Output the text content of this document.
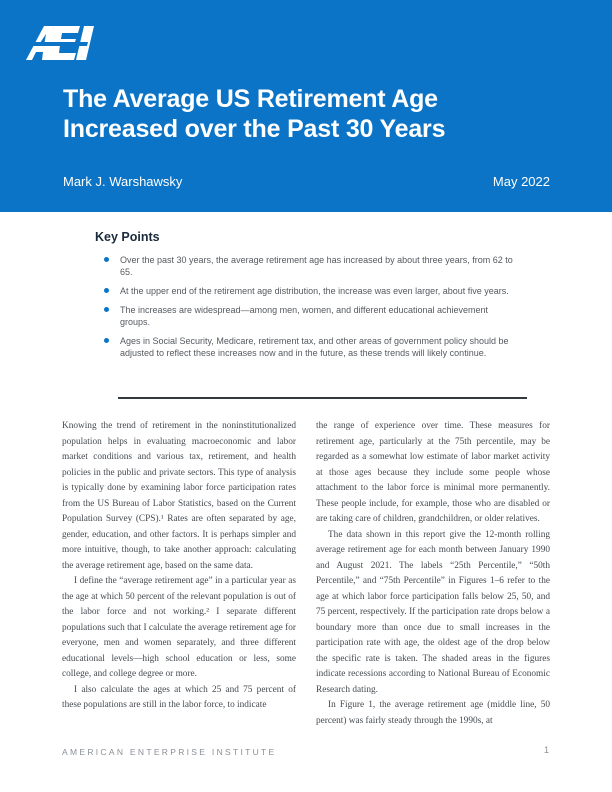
The Average US Retirement Age
Increased over the Past 30 Years
Mark J. Warshawsky	May 2022
Key Points
Over the past 30 years, the average retirement age has increased by about three years, from 62 to 65.
At the upper end of the retirement age distribution, the increase was even larger, about five years.
The increases are widespread—among men, women, and different educational achievement groups.
Ages in Social Security, Medicare, retirement tax, and other areas of government policy should be adjusted to reflect these increases now and in the future, as these trends will likely continue.

Knowing the trend of retirement in the noninstitutionalized population helps in evaluating macroeconomic and labor market conditions and various tax, retirement, and health policies in the public and private sectors. This type of analysis is typically done by examining labor force participation rates from the US Bureau of Labor Statistics, based on the Current Population Survey (CPS).¹ Rates are often separated by age, gender, education, and other factors. It is perhaps simpler and more intuitive, though, to take another approach: calculating the average retirement age, based on the same data.

I define the “average retirement age” in a particular year as the age at which 50 percent of the relevant population is out of the labor force and not working.² I separate different populations such that I calculate the average retirement age for everyone, men and women separately, and three different educational levels—high school education or less, some college, and college degree or more.

I also calculate the ages at which 25 and 75 percent of these populations are still in the labor force, to indicate

the range of experience over time. These measures for retirement age, particularly at the 75th percentile, may be regarded as a somewhat low estimate of labor market activity at those ages because they include some people whose attachment to the labor force is minimal more permanently. These people include, for example, those who are disabled or are taking care of children, grandchildren, or older relatives.

The data shown in this report give the 12-month rolling average retirement age for each month between January 1990 and August 2021. The labels “25th Percentile,” “50th Percentile,” and “75th Percentile” in Figures 1–6 refer to the age at which labor force participation falls below 25, 50, and 75 percent, respectively. If the participation rate drops below a boundary more than once due to small increases in the participation rate with age, the oldest age of the drop below the specific rate is taken. The shaded areas in the figures indicate recessions according to National Bureau of Economic Research dating.

In Figure 1, the average retirement age (middle line, 50 percent) was fairly steady through the 1990s, at

AMERICAN ENTERPRISE INSTITUTE	1
